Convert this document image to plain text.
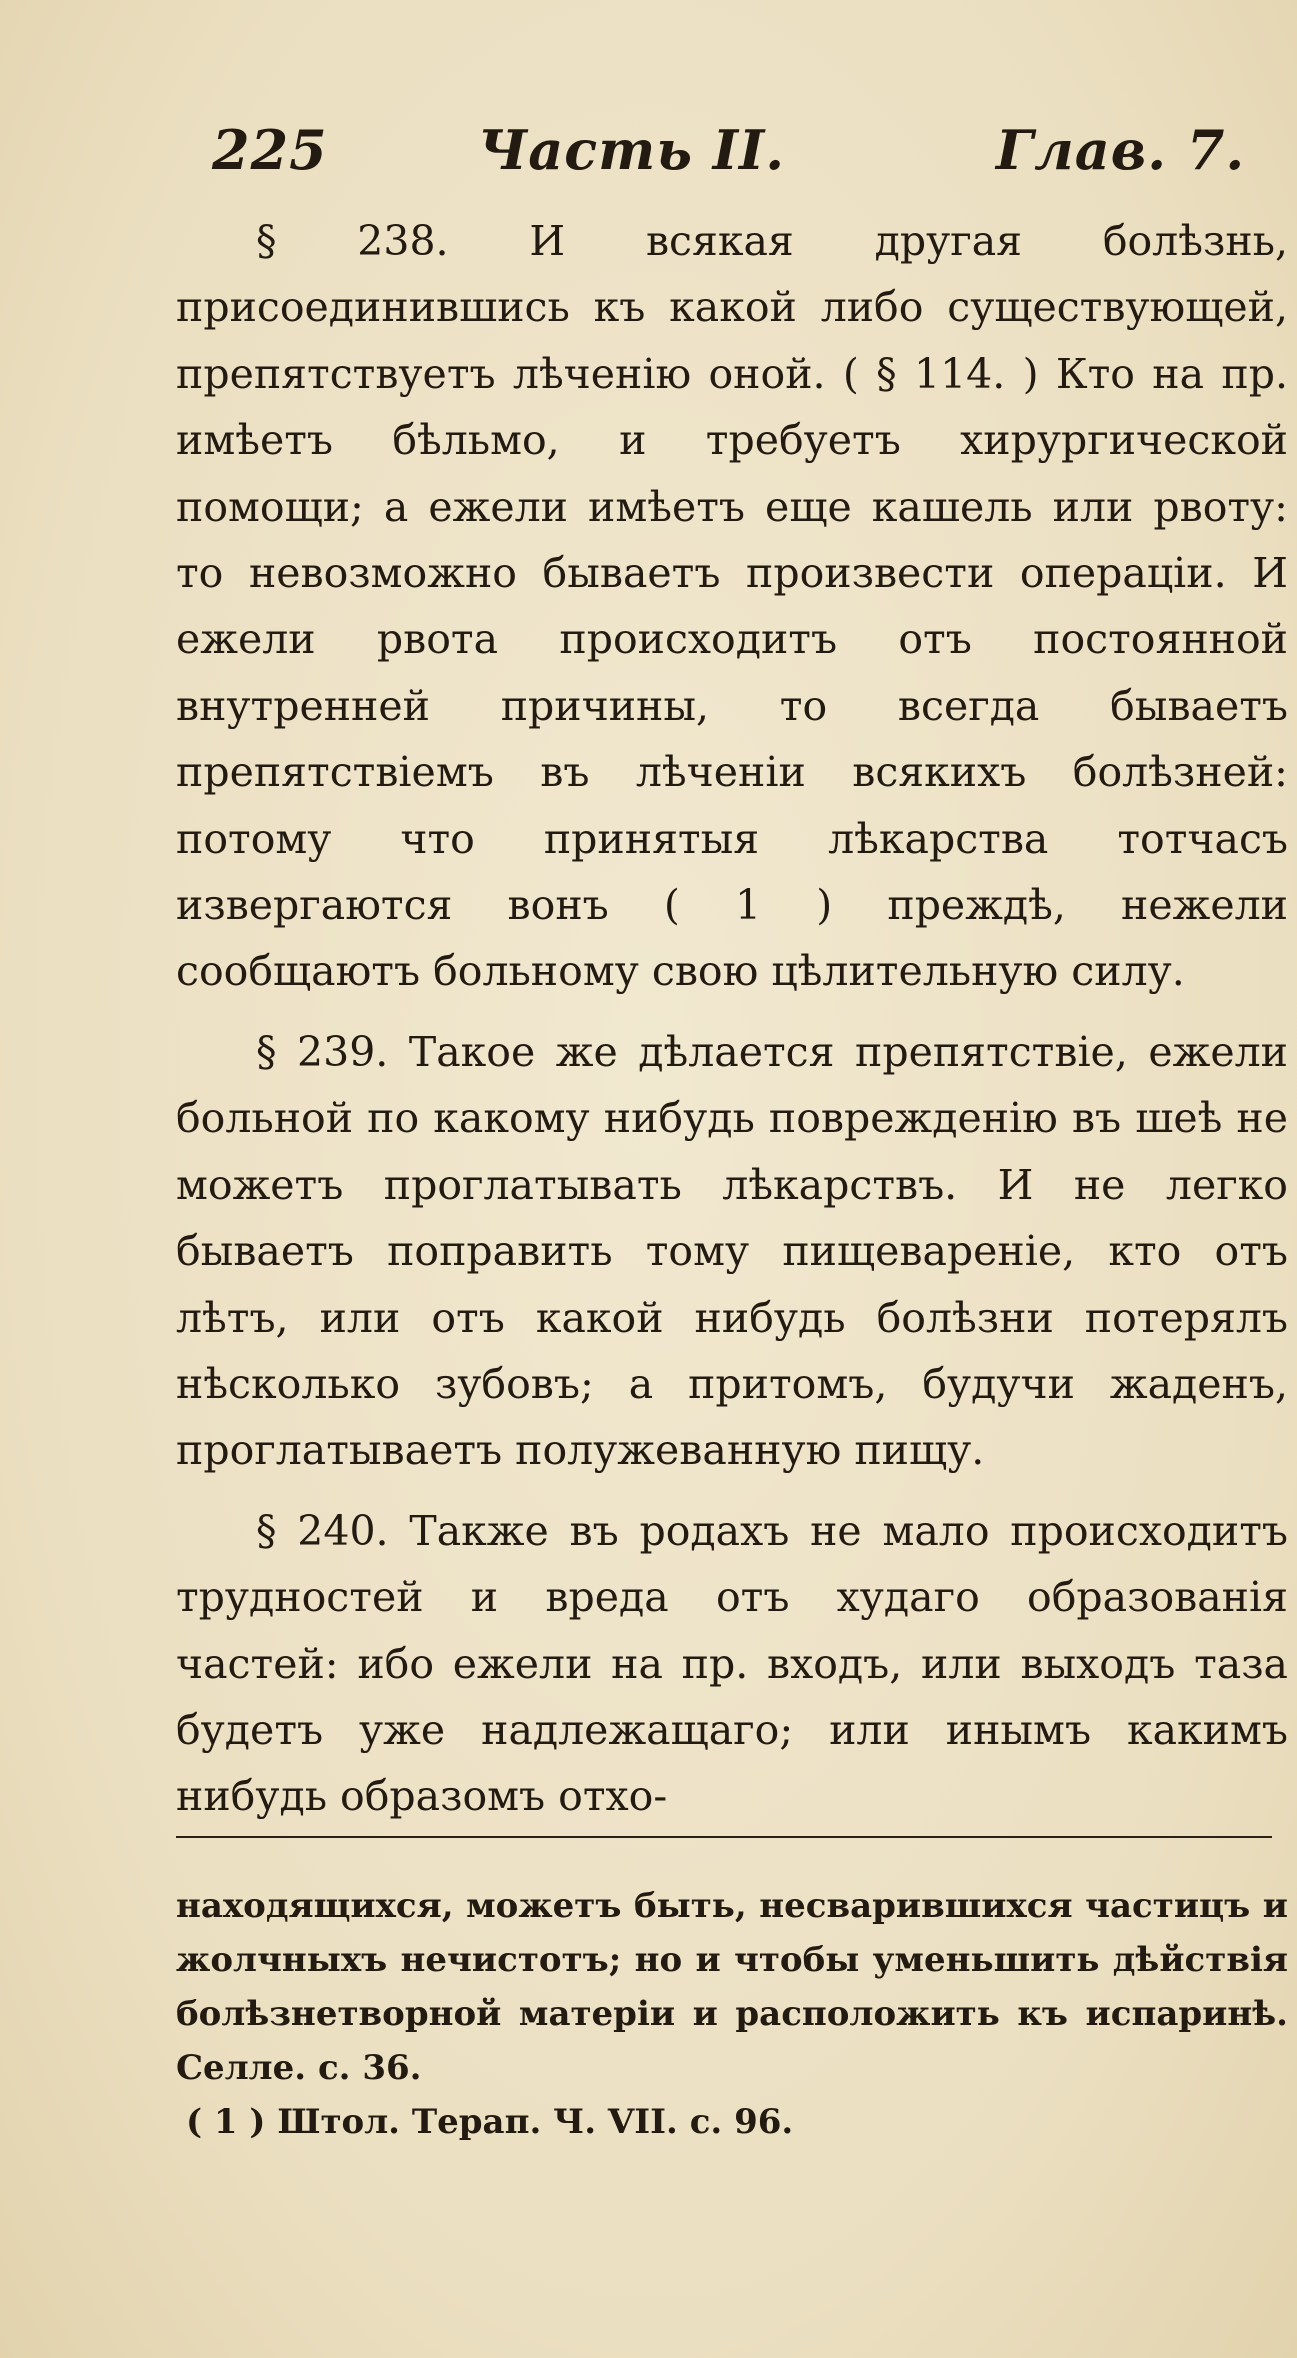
225	Часть II.	Глав. 7.

§ 238. И всякая другая болѣзнь, присоединившись къ какой либо существующей, препятствуетъ лѣченію оной. ( § 114. ) Кто на пр. имѣетъ бѣльмо, и требуетъ хирургической помощи; а ежели имѣетъ еще кашель или рвоту: то невозможно бываетъ произвести операціи. И ежели рвота происходитъ отъ постоянной внутренней причины, то всегда бываетъ препятствіемъ въ лѣченіи всякихъ болѣзней: потому что принятыя лѣкарства тотчасъ извергаются вонъ ( 1 ) преждѣ, нежели сообщаютъ больному свою цѣлительную силу.

§ 239. Такое же дѣлается препятствіе, ежели больной по какому нибудь поврежденію въ шеѣ не можетъ проглатывать лѣкарствъ. И не легко бываетъ поправить тому пищевареніе, кто отъ лѣтъ, или отъ какой нибудь болѣзни потерялъ нѣсколько зубовъ; а притомъ, будучи жаденъ, проглатываетъ полужеванную пищу.

§ 240. Также въ родахъ не мало происходитъ трудностей и вреда отъ худаго образованія частей: ибо ежели на пр. входъ, или выходъ таза будетъ уже надлежащаго; или инымъ какимъ нибудь образомъ отхо-

находящихся, можетъ быть, несварившихся частицъ и жолчныхъ нечистотъ; но и чтобы уменьшить дѣйствія болѣзнетворной матеріи и расположить къ испаринѣ. Селле. с. 36.

( 1 ) Штол. Терап. Ч. VII. с. 96.
